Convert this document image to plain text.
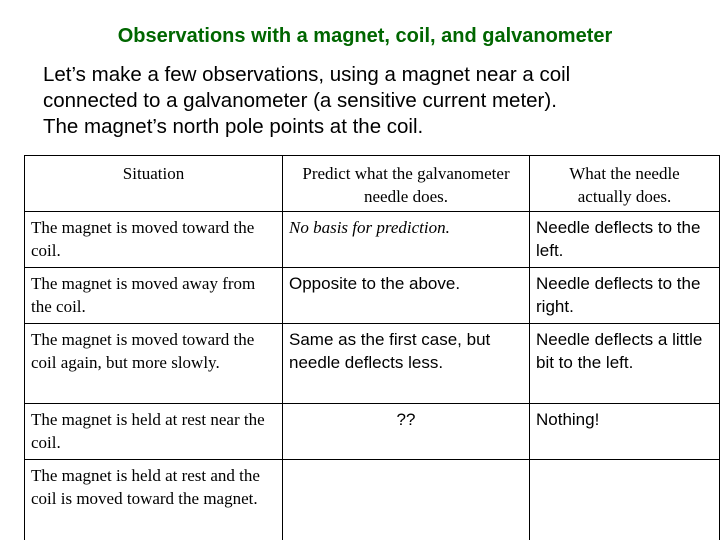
Observations with a magnet, coil, and galvanometer
Let’s make a few observations, using a magnet near a coil
connected to a galvanometer (a sensitive current meter).
The magnet’s north pole points at the coil.
Situation	Predict what the galvanometer needle does.	What the needle actually does.
The magnet is moved toward the coil.	No basis for prediction.	Needle deflects to the left.
The magnet is moved away from the coil.	Opposite to the above.	Needle deflects to the right.
The magnet is moved toward the coil again, but more slowly.	Same as the first case, but needle deflects less.	Needle deflects a little bit to the left.
The magnet is held at rest near the coil.	??	Nothing!
The magnet is held at rest and the coil is moved toward the magnet.		
